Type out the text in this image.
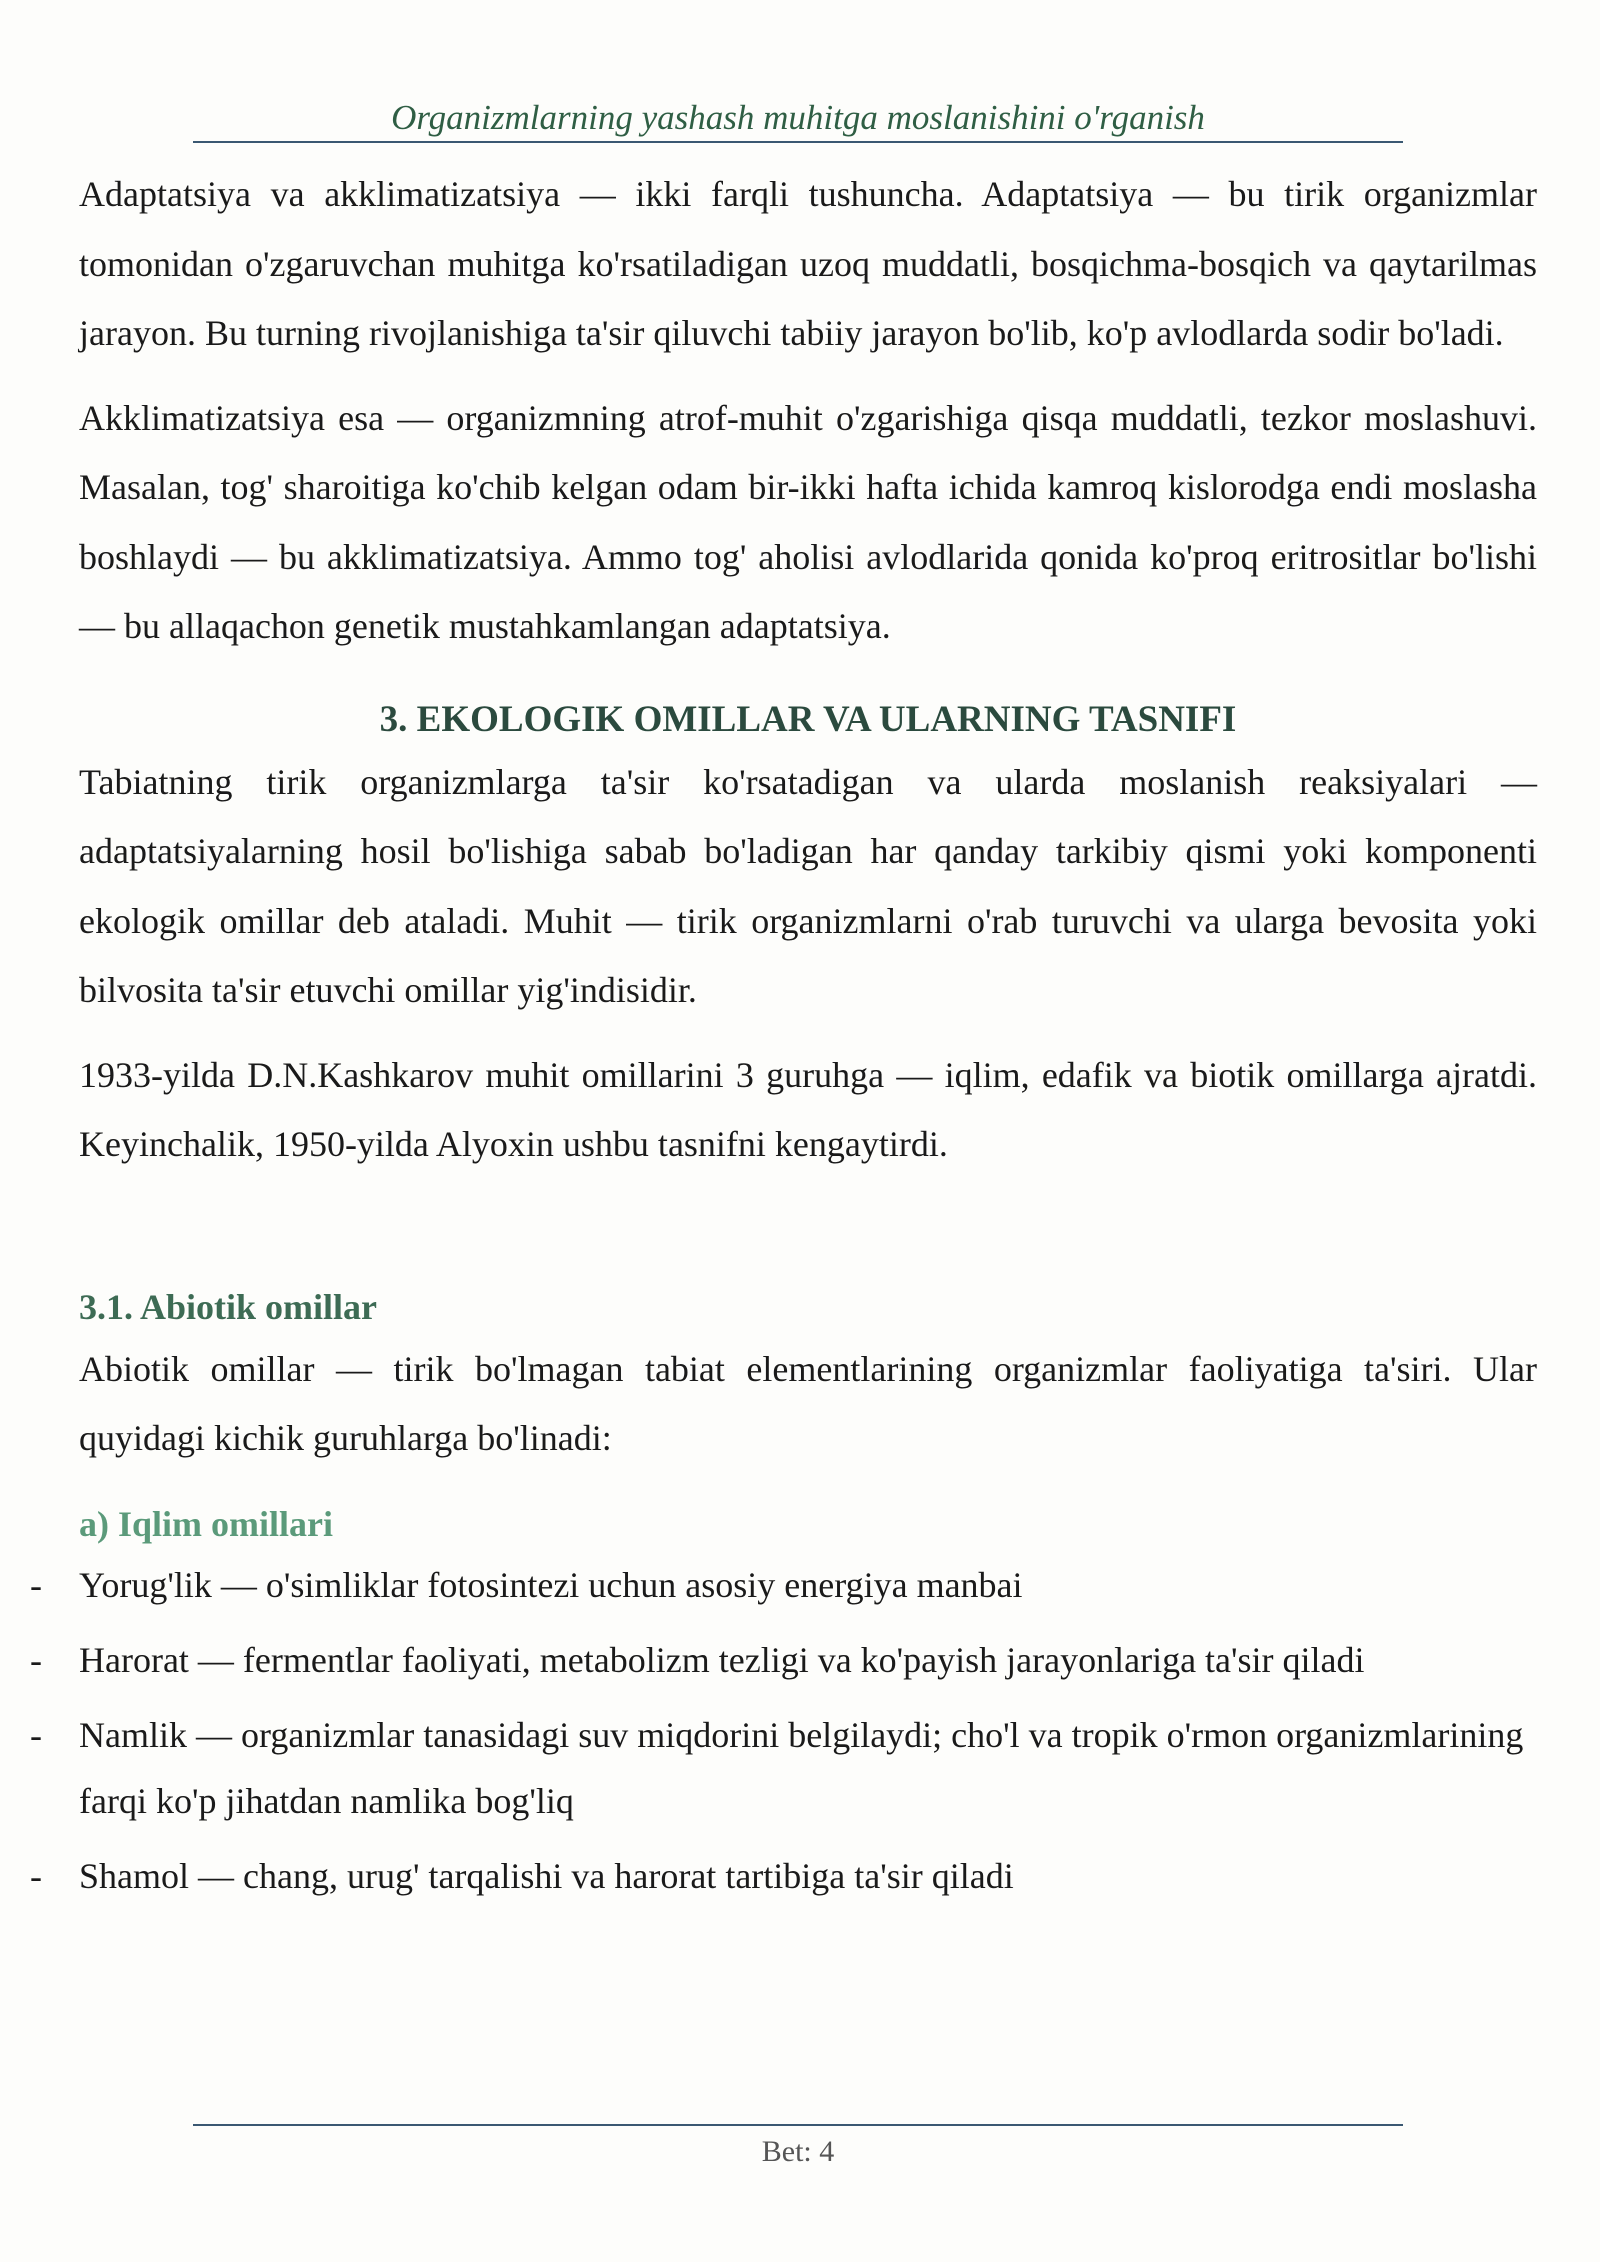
Organizmlarning yashash muhitga moslanishini o'rganish

Adaptatsiya va akklimatizatsiya — ikki farqli tushuncha. Adaptatsiya — bu tirik organizmlar tomonidan o'zgaruvchan muhitga ko'rsatiladigan uzoq muddatli, bosqichma-bosqich va qaytarilmas jarayon. Bu turning rivojlanishiga ta'sir qiluvchi tabiiy jarayon bo'lib, ko'p avlodlarda sodir bo'ladi.

Akklimatizatsiya esa — organizmning atrof-muhit o'zgarishiga qisqa muddatli, tezkor moslashuvi. Masalan, tog' sharoitiga ko'chib kelgan odam bir-ikki hafta ichida kamroq kislorodga endi moslasha boshlaydi — bu akklimatizatsiya. Ammo tog' aholisi avlodlarida qonida ko'proq eritrositlar bo'lishi — bu allaqachon genetik mustahkamlangan adaptatsiya.

3. EKOLOGIK OMILLAR VA ULARNING TASNIFI

Tabiatning tirik organizmlarga ta'sir ko'rsatadigan va ularda moslanish reaksiyalari — adaptatsiyalarning hosil bo'lishiga sabab bo'ladigan har qanday tarkibiy qismi yoki komponenti ekologik omillar deb ataladi. Muhit — tirik organizmlarni o'rab turuvchi va ularga bevosita yoki bilvosita ta'sir etuvchi omillar yig'indisidir.

1933-yilda D.N.Kashkarov muhit omillarini 3 guruhga — iqlim, edafik va biotik omillarga ajratdi. Keyinchalik, 1950-yilda Alyoxin ushbu tasnifni kengaytirdi.

3.1. Abiotik omillar

Abiotik omillar — tirik bo'lmagan tabiat elementlarining organizmlar faoliyatiga ta'siri. Ular quyidagi kichik guruhlarga bo'linadi:

a) Iqlim omillari
- Yorug'lik — o'simliklar fotosintezi uchun asosiy energiya manbai
- Harorat — fermentlar faoliyati, metabolizm tezligi va ko'payish jarayonlariga ta'sir qiladi
- Namlik — organizmlar tanasidagi suv miqdorini belgilaydi; cho'l va tropik o'rmon organizmlarining farqi ko'p jihatdan namlika bog'liq
- Shamol — chang, urug' tarqalishi va harorat tartibiga ta'sir qiladi
Bet: 4
